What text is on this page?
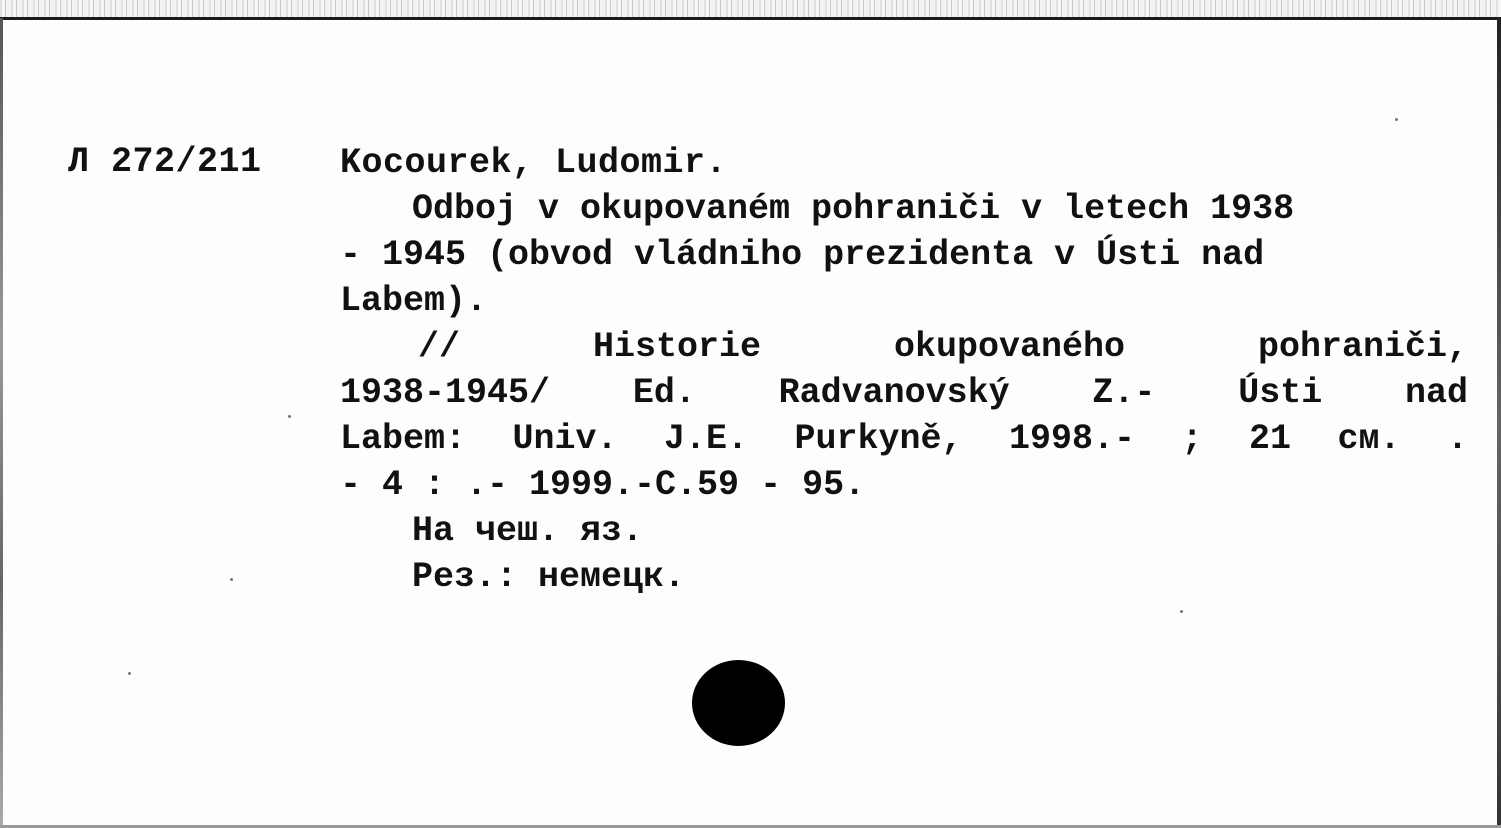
Л 272/211 Kocourek, Ludomir.
Odboj v okupovaném pohraniči v letech 1938
- 1945 (obvod vládniho prezidenta v Ústi nad
Labem).
//	Historie	okupovaného	pohraniči,
1938-1945/ Ed. Radvanovský Z.- Ústi nad
Labem: Univ. J.E. Purkyně, 1998.- ; 21 см. .
- 4 : .- 1999.-С.59 - 95.
На чеш. яз.
Рез.: немецк.
